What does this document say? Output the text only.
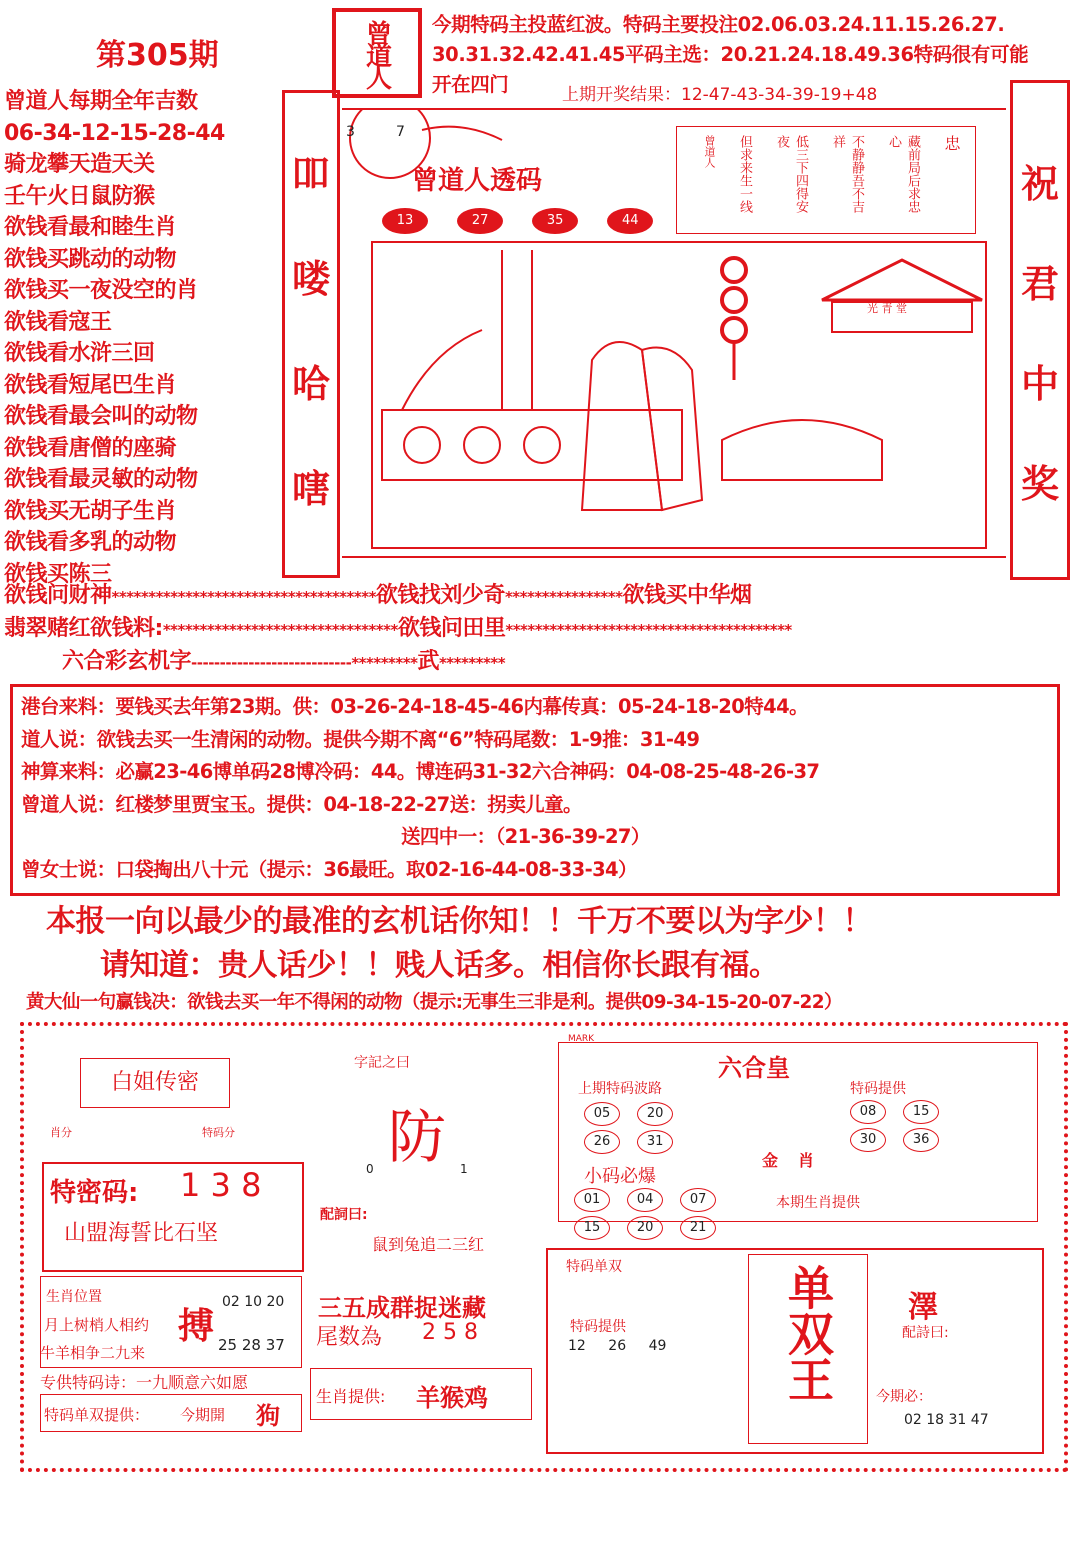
第305期	曾道人 今期特码主投蓝红波。特码主要投注02.06.03.24.11.15.26.27.
30.31.32.42.41.45平码主选：20.21.24.18.49.36特码很有可能
开在四门	上期开奖结果：12-47-43-34-39-19+48
曾道人每期全年吉数
06-34-12-15-28-44
骑龙攀天造天关
壬午火日鼠防猴
欲钱看最和睦生肖
欲钱买跳动的动物
欲钱买一夜没空的肖
欲钱看寇王
欲钱看水浒三回
欲钱看短尾巴生肖
欲钱看最会叫的动物
欲钱看唐僧的座骑
欲钱看最灵敏的动物
欲钱买无胡子生肖
欲钱看多乳的动物
欲钱买陈三
吅
喽
哈
嗐
祝
君
中
奖
3	7
曾道人透码
13	27	35	44
忠
藏前局后求忠心
不静静吾不吉祥
低三下四得安夜
但求来生一线
曾道人
光 青 堂
欲钱问财神************************************欲钱找刘少奇****************欲钱买中华烟
翡翠赌红欲钱料:********************************欲钱问田里***************************************
六合彩玄机字----------------------------*********武*********
港台来料：要钱买去年第23期。供：03-26-24-18-45-46内幕传真：05-24-18-20特44。
道人说：欲钱去买一生清闲的动物。提供今期不离“6”特码尾数：1-9推：31-49
神算来料：必赢23-46博单码28博冷码：44。博连码31-32六合神码：04-08-25-48-26-37
曾道人说：红楼梦里贾宝玉。提供：04-18-22-27送：拐卖儿童。
送四中一：（21-36-39-27）
曾女士说：口袋掏出八十元（提示：36最旺。取02-16-44-08-33-34）
本报一向以最少的最准的玄机话你知！！千万不要以为字少！！
请知道：贵人话少！！贱人话多。相信你长跟有福。
黄大仙一句赢钱决：欲钱去买一年不得闲的动物（提示:无事生三非是利。提供09-34-15-20-07-22）
白姐传密
肖分	特码分
特密码: 1 3 8
山盟海誓比石坚
生肖位置
月上树梢人相约
牛羊相争二九来
搏
02 10 20
25 28 37
专供特码诗：一九顺意六如愿
特码单双提供： 今期開 狗
字記之曰
防
0	1
配詞曰:
鼠到兔追二三红
三五成群捉迷藏
尾数為 2 5 8
生肖提供: 羊猴鸡
六合皇
MARK
上期特码波路
05	20 26	31
特码提供
08	15 30	36
金 肖
小码必爆
01	04	07 15	20	21
本期生肖提供
特码单双
特码提供
12 26 49 单双王 澤
配詩曰:
今期必：
02 18 31 47
